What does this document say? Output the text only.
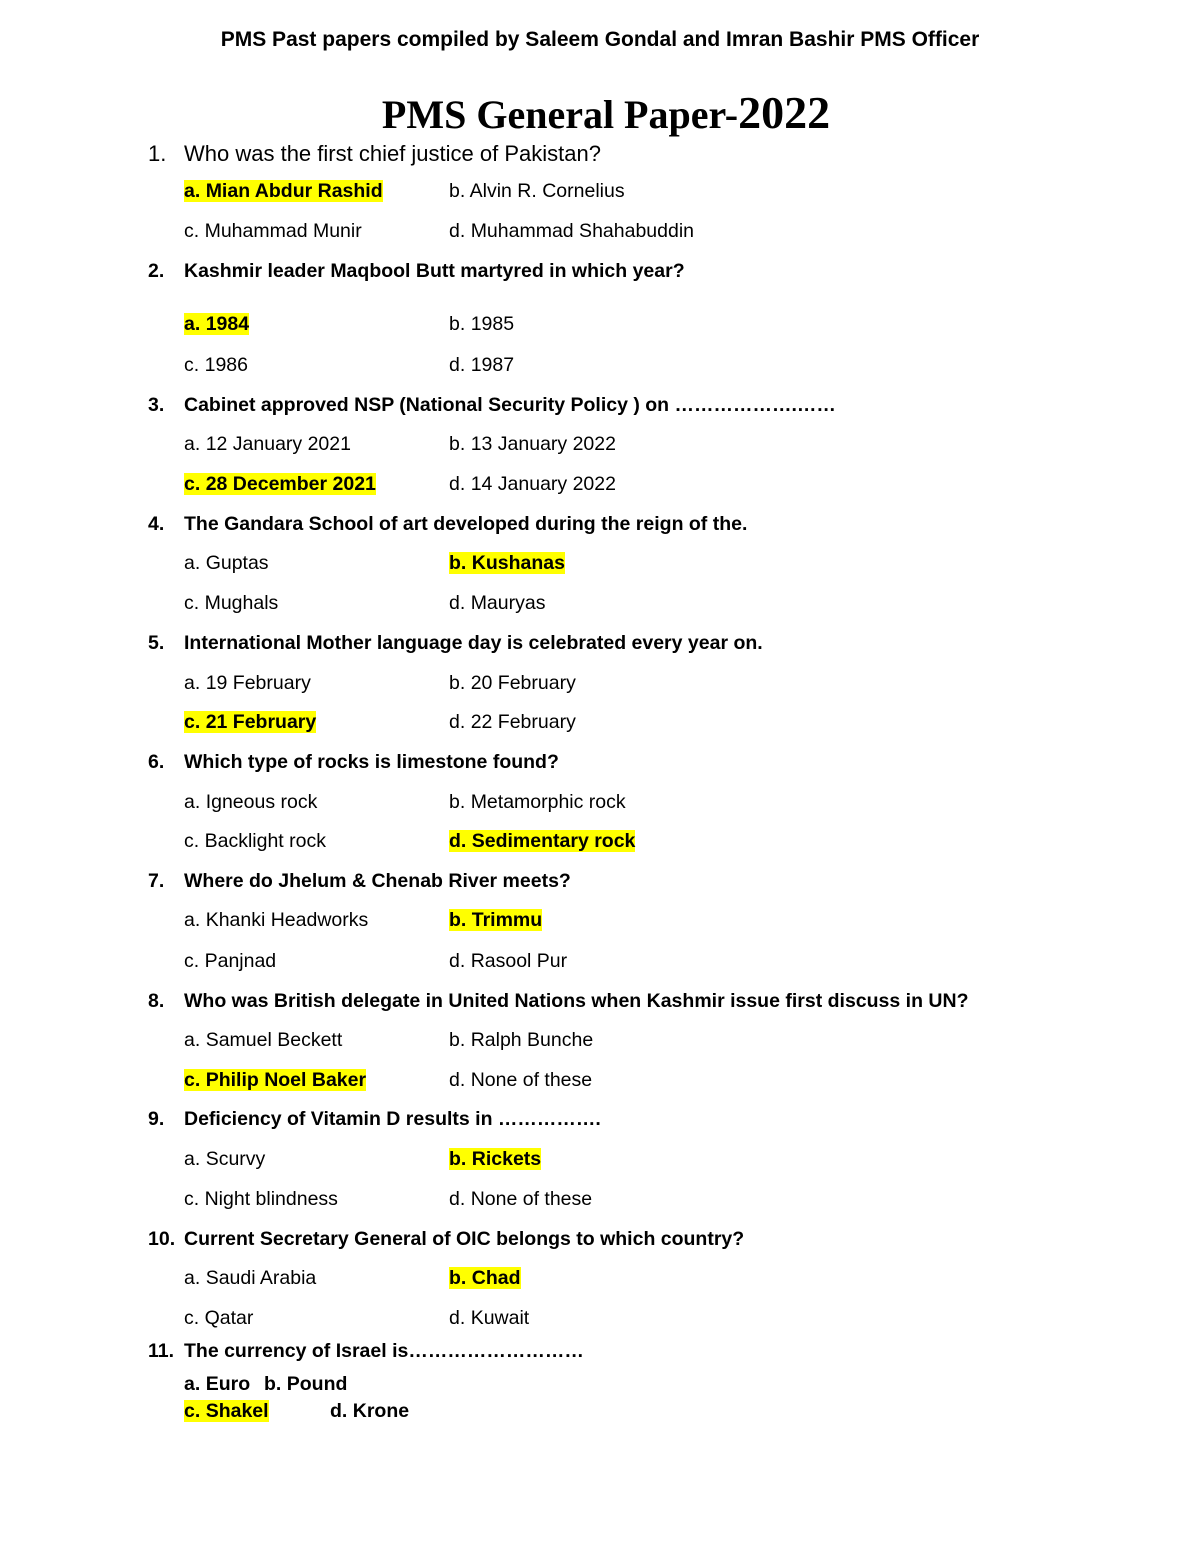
PMS Past papers compiled by Saleem Gondal and Imran Bashir PMS Officer
PMS General Paper-2022
1. Who was the first chief justice of Pakistan?
a. Mian Abdur Rashid	b. Alvin R. Cornelius
c. Muhammad Munir	d. Muhammad Shahabuddin
2. Kashmir leader Maqbool Butt martyred in which year?
a. 1984	b. 1985
c. 1986	d. 1987
3. Cabinet approved NSP (National Security Policy ) on ……………….……
a. 12 January 2021	b. 13 January 2022
c. 28 December 2021	d. 14 January 2022
4. The Gandara School of art developed during the reign of the.
a. Guptas	b. Kushanas
c. Mughals	d. Mauryas
5. International Mother language day is celebrated every year on.
a. 19 February	b. 20 February
c. 21 February	d. 22 February
6. Which type of rocks is limestone found?
a. Igneous rock	b. Metamorphic rock
c. Backlight rock	d. Sedimentary rock
7. Where do Jhelum & Chenab River meets?
a. Khanki Headworks	b. Trimmu
c. Panjnad	d. Rasool Pur
8. Who was British delegate in United Nations when Kashmir issue first discuss in UN?
a. Samuel Beckett	b. Ralph Bunche
c. Philip Noel Baker	d. None of these
9. Deficiency of Vitamin D results in …………….
a. Scurvy	b. Rickets
c. Night blindness	d. None of these
10. Current Secretary General of OIC belongs to which country?
a. Saudi Arabia	b. Chad
c. Qatar	d. Kuwait
11. The currency of Israel is………………………
a. Euro b. Pound
c. Shakel	d. Krone
